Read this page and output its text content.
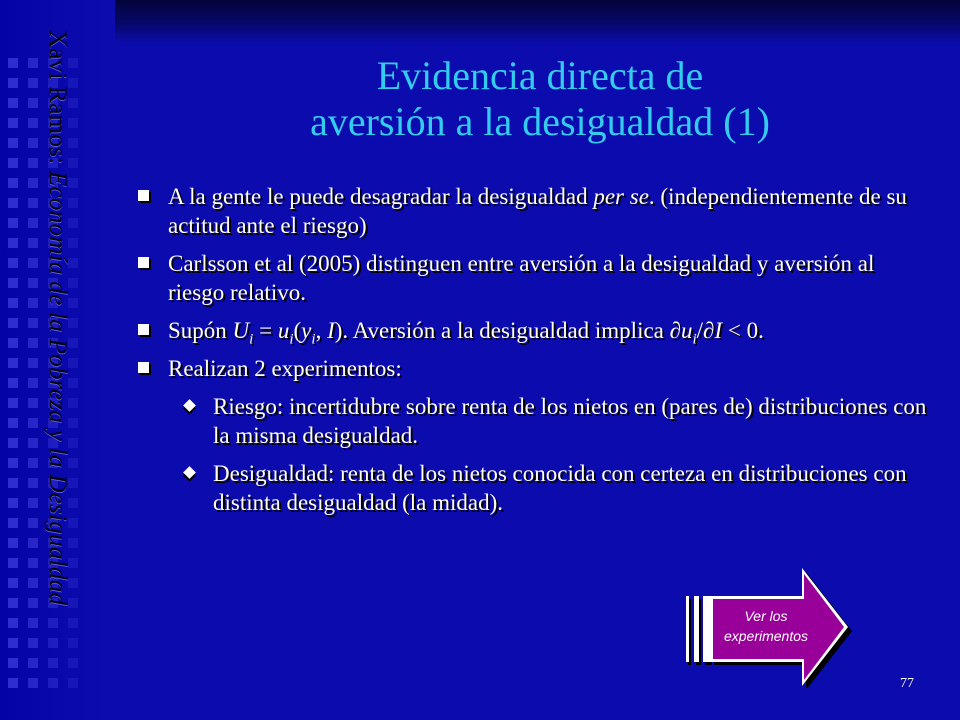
Xavi Ramos: Economía de la Pobreza y la Desigualdad
Evidencia directa de
aversión a la desigualdad (1)
A la gente le puede desagradar la desigualdad per se. (independientemente de su actitud ante el riesgo)
Carlsson et al (2005) distinguen entre aversión a la desigualdad y aversión al riesgo relativo.
Supón $U_i = u_i(y_i$, I). Aversión a la desigualdad implica $\partial u_i/\partial I < 0$.
Realizan 2 experimentos:
Riesgo: incertidubre sobre renta de los nietos en (pares de) distribuciones con la misma desigualdad.
Desigualdad: renta de los nietos conocida con certeza en distribuciones con distinta desigualdad (la midad).
Ver los experimentos
77
